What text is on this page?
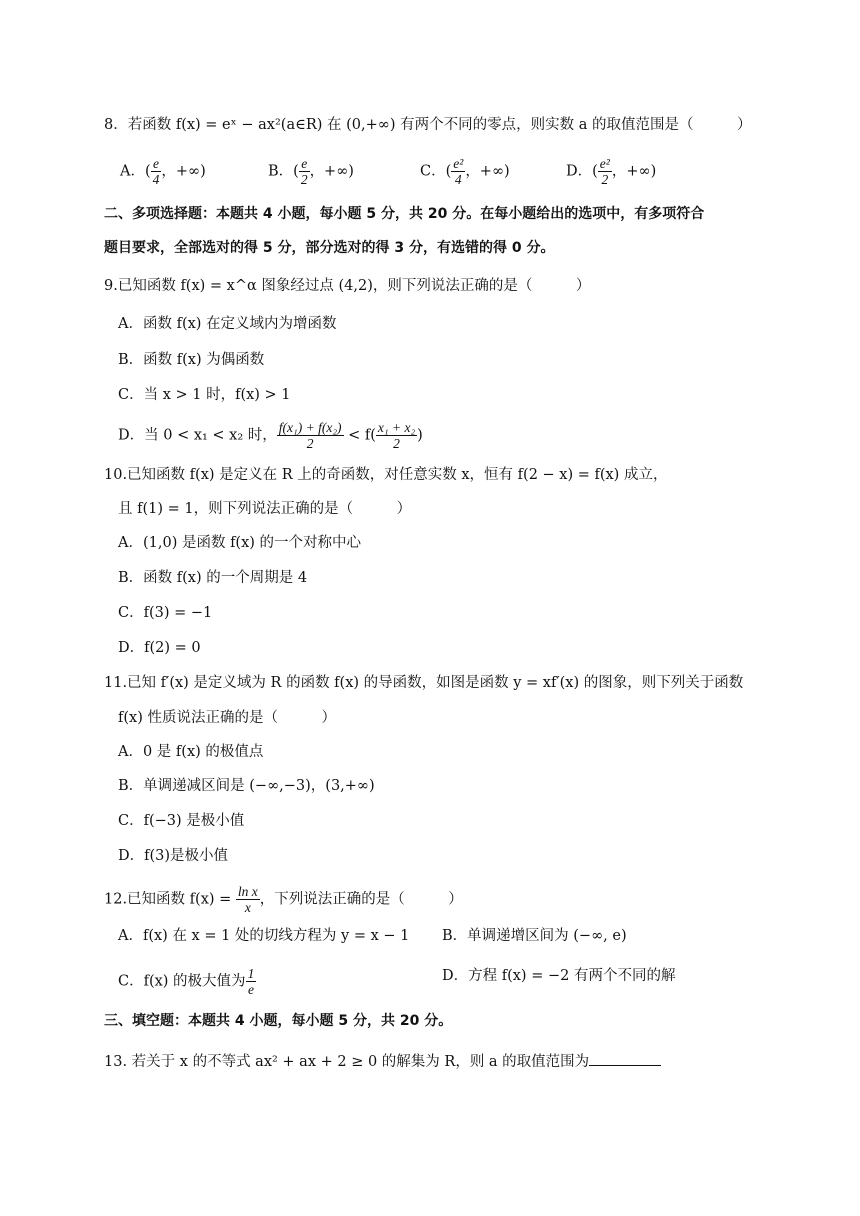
8．若函数 f(x) = eˣ − ax²(a∈R) 在 (0,+∞) 有两个不同的零点，则实数 a 的取值范围是（　　　）
A．( $\frac{e}{4}$ ，+∞)	B．( $\frac{e}{2}$ ，+∞)	C．( $\frac{\text{e²}}{4}$ ，+∞)	D．( $\frac{\text{e²}}{2}$ ，+∞)
二、多项选择题：本题共 4 小题，每小题 5 分，共 20 分。在每小题给出的选项中，有多项符合
题目要求，全部选对的得 5 分，部分选对的得 3 分，有选错的得 0 分。
9.已知函数 f(x) = x^α 图象经过点 (4,2)，则下列说法正确的是（　　　）
A．函数 f(x) 在定义域内为增函数
B．函数 f(x) 为偶函数
C．当 x > 1 时，f(x) > 1
D．当 0 < x₁ < x₂ 时， $\frac{\text{f(x₁) + f(x₂)}}{2} < f( \frac{\text{x₁ + x₂}}{2}$ )
10.已知函数 f(x) 是定义在 R 上的奇函数，对任意实数 x，恒有 f(2 − x) = f(x) 成立，
且 f(1) = 1，则下列说法正确的是（　　　）
A．(1,0) 是函数 f(x) 的一个对称中心
B．函数 f(x) 的一个周期是 4
C．f(3) = −1
D．f(2) = 0
11.已知 f′(x) 是定义域为 R 的函数 f(x) 的导函数，如图是函数 y = xf′(x) 的图象，则下列关于函数
f(x) 性质说法正确的是（　　　）
A．0 是 f(x) 的极值点
B．单调递减区间是 (−∞,−3)，(3,+∞)
C．f(−3) 是极小值
D．f(3)是极小值
12.已知函数 $f(x) = \frac{\text{ln x}}{x}$ ，下列说法正确的是（　　　）
A．f(x) 在 x = 1 处的切线方程为 y = x − 1 B．单调递增区间为 (−∞, e)
C．f(x) 的极大值为 $\frac{1}{e}$	D．方程 f(x) = −2 有两个不同的解
三、填空题：本题共 4 小题，每小题 5 分，共 20 分。
13. 若关于 x 的不等式 ax² + ax + 2 ≥ 0 的解集为 R，则 a 的取值范围为
